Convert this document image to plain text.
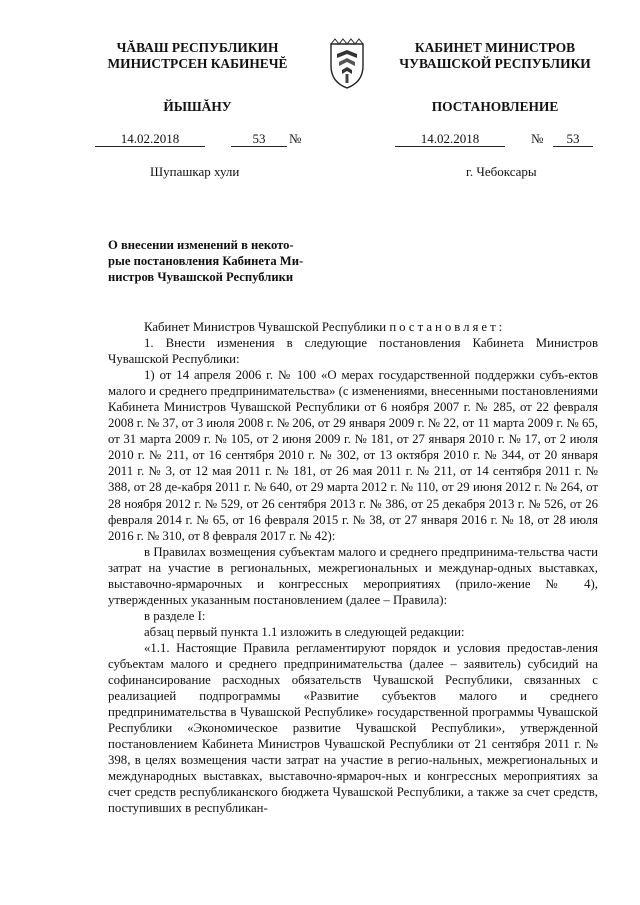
ЧĂВАШ РЕСПУБЛИКИН
МИНИСТРСЕН КАБИНЕЧĔ
ЙЫШĂНУ
КАБИНЕТ МИНИСТРОВ
ЧУВАШСКОЙ РЕСПУБЛИКИ
ПОСТАНОВЛЕНИЕ
14.02.2018	53	№	14.02.2018	№	53
Шупашкар хули	г. Чебоксары
О внесении изменений в некото-
рые постановления Кабинета Ми-
нистров Чувашской Республики

Кабинет Министров Чувашской Республики постановляет:

1. Внести изменения в следующие постановления Кабинета Министров Чувашской Республики:

1) от 14 апреля 2006 г. № 100 «О мерах государственной поддержки субъ-ектов малого и среднего предпринимательства» (с изменениями, внесенными постановлениями Кабинета Министров Чувашской Республики от 6 ноября 2007 г. № 285, от 22 февраля 2008 г. № 37, от 3 июля 2008 г. № 206, от 29 января 2009 г. № 22, от 11 марта 2009 г. № 65, от 31 марта 2009 г. № 105, от 2 июня 2009 г. № 181, от 27 января 2010 г. № 17, от 2 июля 2010 г. № 211, от 16 сентября 2010 г. № 302, от 13 октября 2010 г. № 344, от 20 января 2011 г. № 3, от 12 мая 2011 г. № 181, от 26 мая 2011 г. № 211, от 14 сентября 2011 г. № 388, от 28 де-кабря 2011 г. № 640, от 29 марта 2012 г. № 110, от 29 июня 2012 г. № 264, от 28 ноября 2012 г. № 529, от 26 сентября 2013 г. № 386, от 25 декабря 2013 г. № 526, от 26 февраля 2014 г. № 65, от 16 февраля 2015 г. № 38, от 27 января 2016 г. № 18, от 28 июля 2016 г. № 310, от 8 февраля 2017 г. № 42):

в Правилах возмещения субъектам малого и среднего предпринима-тельства части затрат на участие в региональных, межрегиональных и междунар-одных выставках, выставочно-ярмарочных и конгрессных мероприятиях (прило-жение № 4), утвержденных указанным постановлением (далее – Правила):

в разделе I:

абзац первый пункта 1.1 изложить в следующей редакции:

«1.1. Настоящие Правила регламентируют порядок и условия предостав-ления субъектам малого и среднего предпринимательства (далее – заявитель) субсидий на софинансирование расходных обязательств Чувашской Республики, связанных с реализацией подпрограммы «Развитие субъектов малого и среднего предпринимательства в Чувашской Республике» государственной программы Чувашской Республики «Экономическое развитие Чувашской Республики», утвержденной постановлением Кабинета Министров Чувашской Республики от 21 сентября 2011 г. № 398, в целях возмещения части затрат на участие в регио-нальных, межрегиональных и международных выставках, выставочно-ярмароч-ных и конгрессных мероприятиях за счет средств республиканского бюджета Чувашской Республики, а также за счет средств, поступивших в республикан-
